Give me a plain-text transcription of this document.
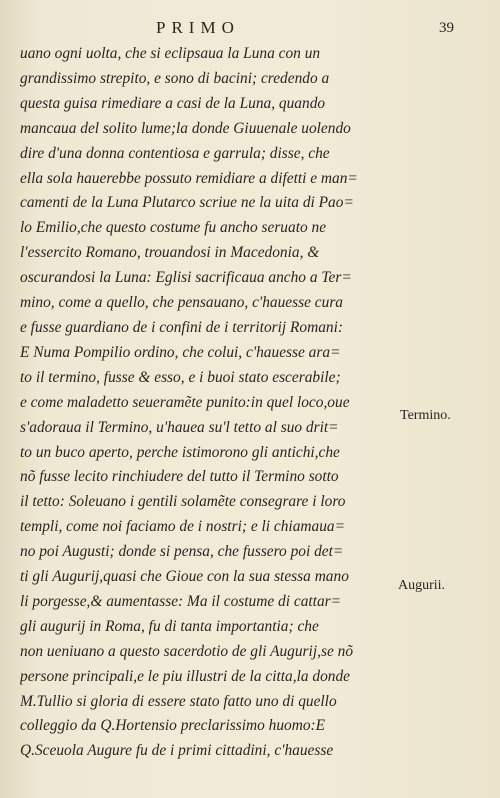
PRIMO	39
uano ogni uolta, che si eclipsaua la Luna con un
grandissimo strepito, e sono di bacini; credendo a
questa guisa rimediare a casi de la Luna, quando
mancaua del solito lume;la donde Giuuenale uolendo
dire d'una donna contentiosa e garrula; disse, che
ella sola hauerebbe possuto remidiare a difetti e man=
camenti de la Luna Plutarco scriue ne la uita di Pao=
lo Emilio,che questo costume fu ancho seruato ne
l'essercito Romano, trouandosi in Macedonia, &
oscurandosi la Luna: Eglisi sacrificaua ancho a Ter=
mino, come a quello, che pensauano, c'hauesse cura
e fusse guardiano de i confini de i territorij Romani:
E Numa Pompilio ordino, che colui, c'hauesse ara=
to il termino, fusse & esso, e i buoi stato escerabile;
e come maladetto seueramẽte punito:in quel loco,oue
s'adoraua il Termino, u'haueа su'l tetto al suo drit=
to un buco aperto, perche istimorono gli antichi,che
nõ fusse lecito rinchiudere del tutto il Termino sotto
il tetto: Soleuano i gentili solamẽte consegrare i loro
templi, come noi faciamo de i nostri; e li chiamaua=
no poi Augusti; donde si pensa, che fussero poi det=
ti gli Augurij,quasi che Gioue con la sua stessa mano
li porgesse,& aumentasse: Ma il costume di cattar=
gli augurij in Roma, fu di tanta importantia; che
non ueniuano a questo sacerdotio de gli Augurij,se nõ
persone principali,e le piu illustri de la citta,la donde
M.Tullio si gloria di essere stato fatto uno di quello
colleggio da Q.Hortensio preclarissimo huomo:E
Q.Sceuola Augure fu de i primi cittadini, c'hauesse

Termino.
Augurii.
